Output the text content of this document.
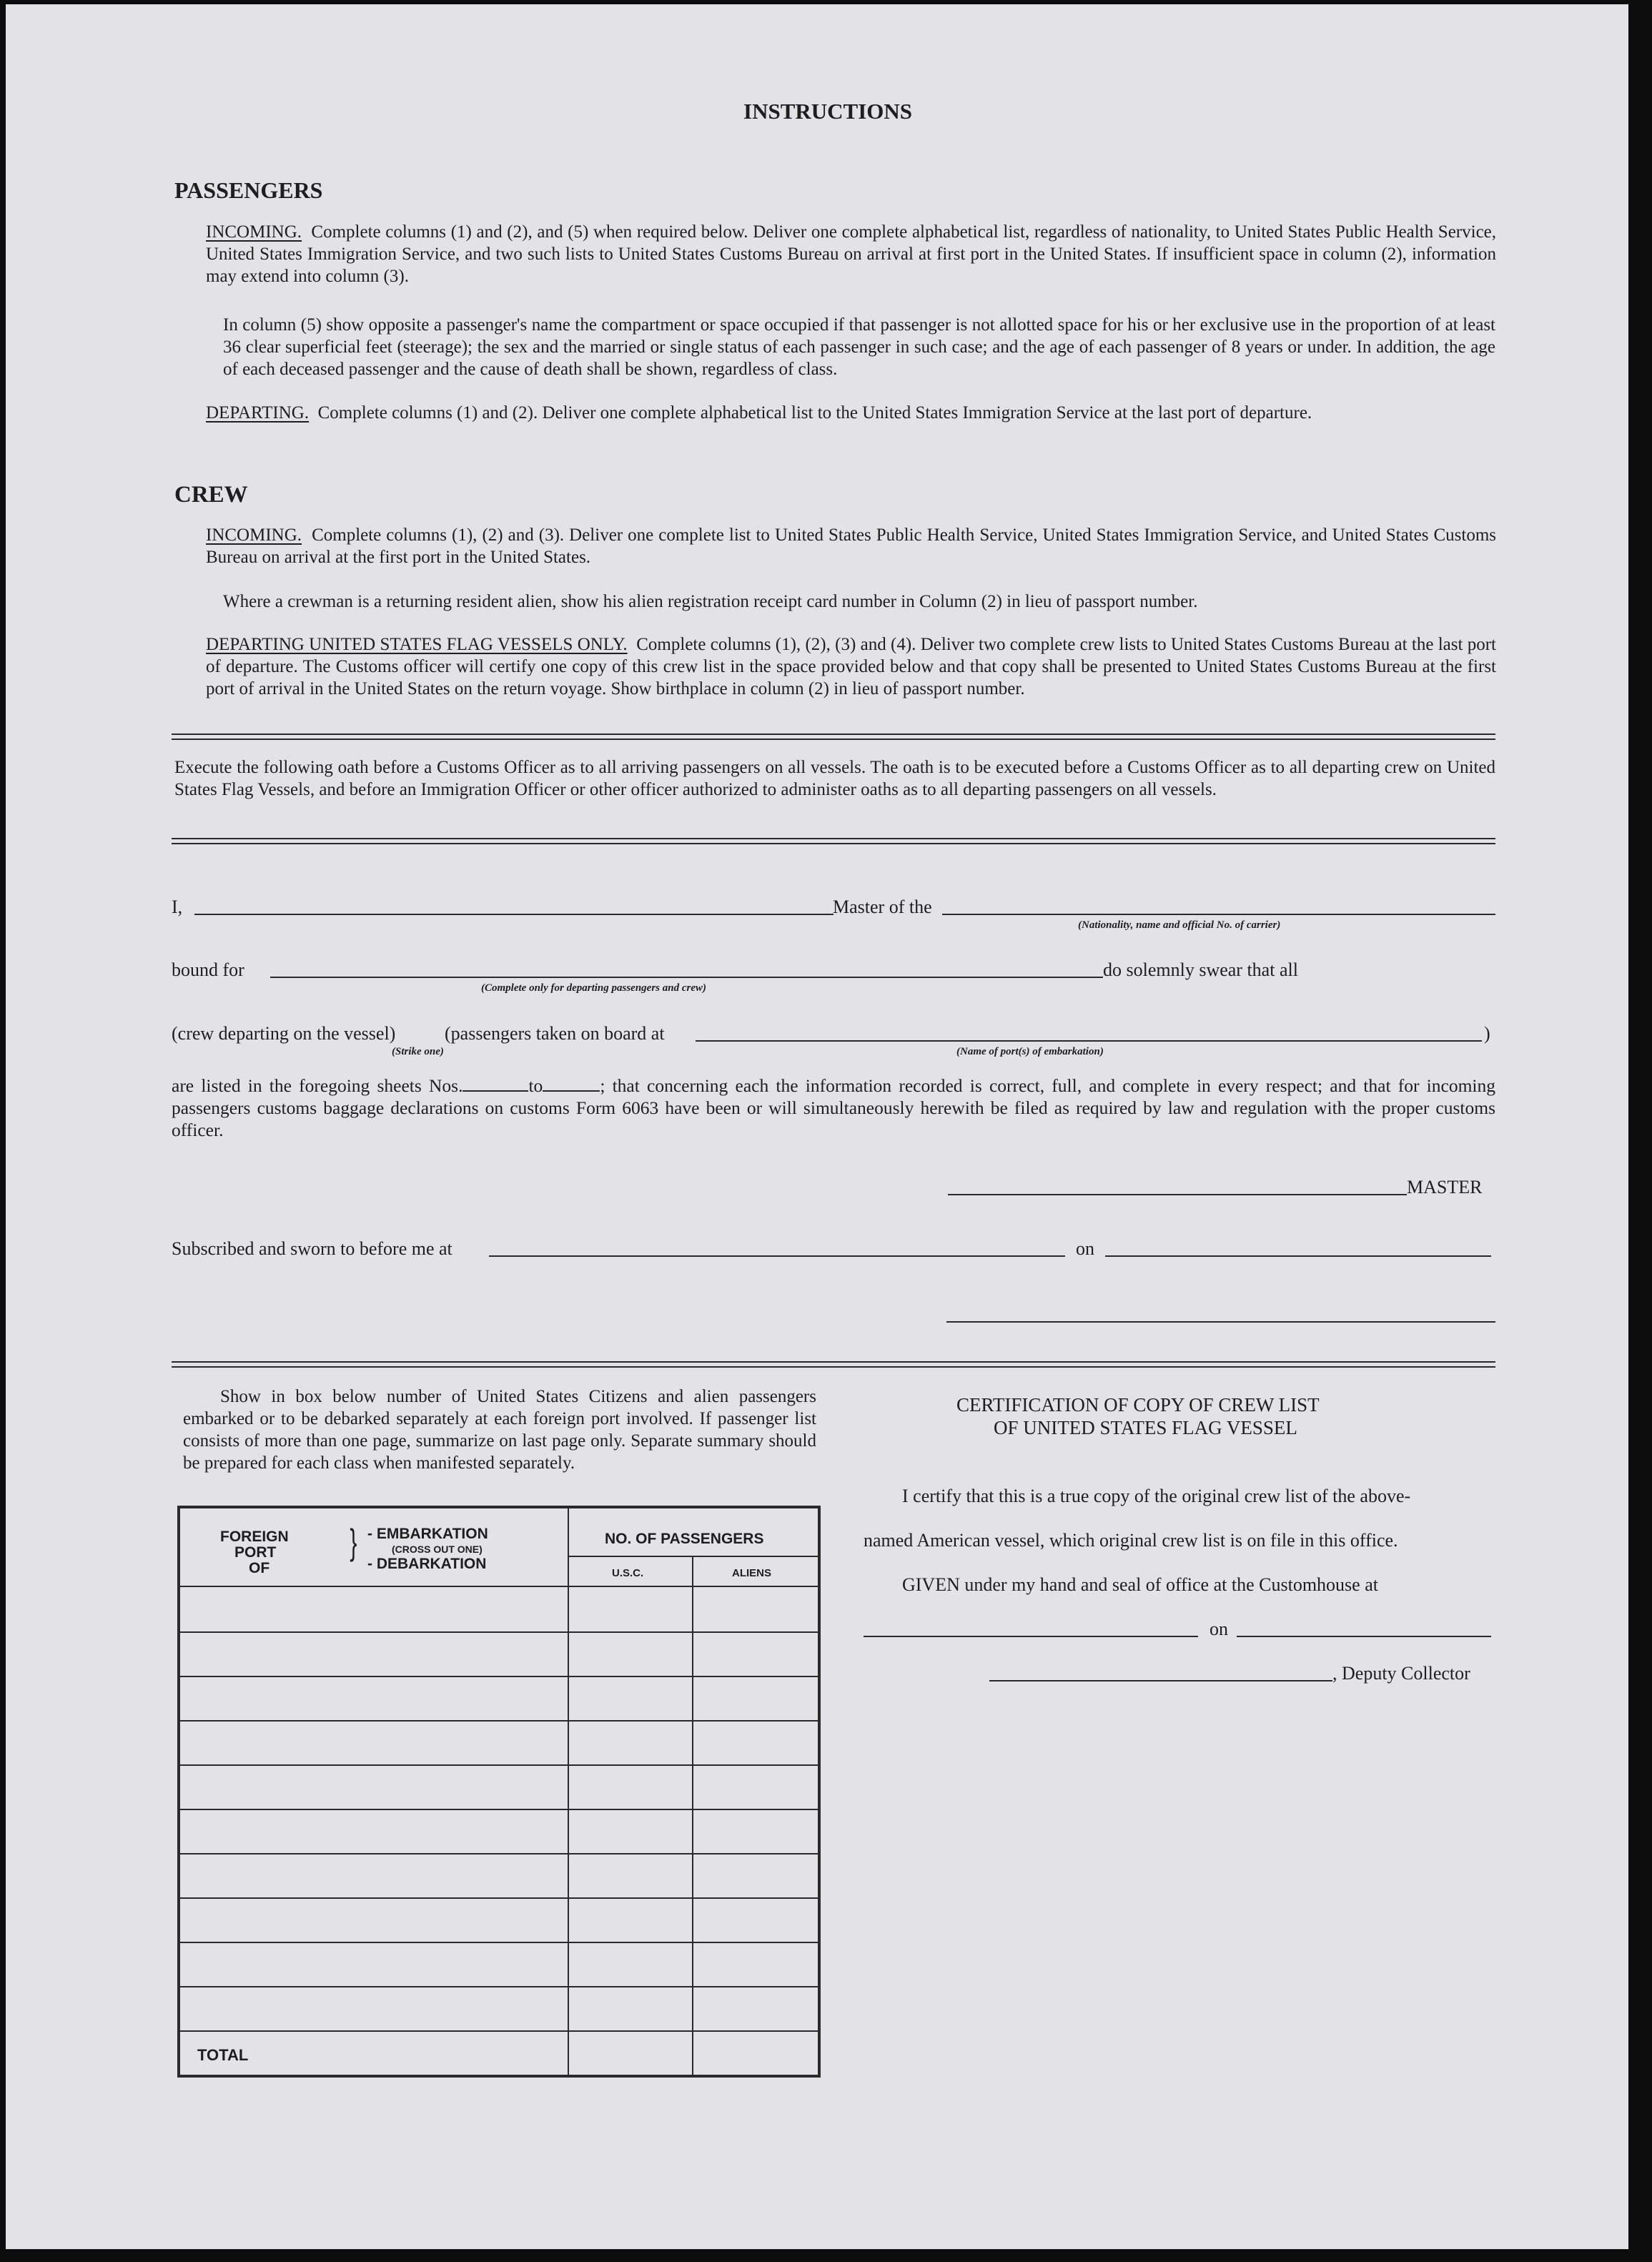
INSTRUCTIONS
PASSENGERS
INCOMING. Complete columns (1) and (2), and (5) when required below. Deliver one complete alphabetical list, regardless of nationality, to United States Public Health Service, United States Immigration Service, and two such lists to United States Customs Bureau on arrival at first port in the United States. If insufficient space in column (2), information may extend into column (3).
In column (5) show opposite a passenger's name the compartment or space occupied if that passenger is not allotted space for his or her exclusive use in the proportion of at least 36 clear superficial feet (steerage); the sex and the married or single status of each passenger in such case; and the age of each passenger of 8 years or under. In addition, the age of each deceased passenger and the cause of death shall be shown, regardless of class.
DEPARTING. Complete columns (1) and (2). Deliver one complete alphabetical list to the United States Immigration Service at the last port of departure.
CREW
INCOMING. Complete columns (1), (2) and (3). Deliver one complete list to United States Public Health Service, United States Immigration Service, and United States Customs Bureau on arrival at the first port in the United States.
Where a crewman is a returning resident alien, show his alien registration receipt card number in Column (2) in lieu of passport number.
DEPARTING UNITED STATES FLAG VESSELS ONLY. Complete columns (1), (2), (3) and (4). Deliver two complete crew lists to United States Customs Bureau at the last port of departure. The Customs officer will certify one copy of this crew list in the space provided below and that copy shall be presented to United States Customs Bureau at the first port of arrival in the United States on the return voyage. Show birthplace in column (2) in lieu of passport number.
Execute the following oath before a Customs Officer as to all arriving passengers on all vessels. The oath is to be executed before a Customs Officer as to all departing crew on United States Flag Vessels, and before an Immigration Officer or other officer authorized to administer oaths as to all departing passengers on all vessels.
I,	Master of the
(Nationality, name and official No. of carrier)
bound for	do solemnly swear that all
(Complete only for departing passengers and crew)
(crew departing on the vessel)	(passengers taken on board at	)
(Strike one)	(Name of port(s) of embarkation)
are listed in the foregoing sheets Nos.	to	; that concerning each the information recorded is correct, full, and complete in every respect; and that for incoming passengers customs baggage declarations on customs Form 6063 have been or will simultaneously herewith be filed as required by law and regulation with the proper customs officer.
MASTER
Subscribed and sworn to before me at	on
Show in box below number of United States Citizens and alien passengers embarked or to be debarked separately at each foreign port involved. If passenger list consists of more than one page, summarize on last page only. Separate summary should be prepared for each class when manifested separately.
FOREIGN
PORT
OF
} - EMBARKATION
(CROSS OUT ONE)
- DEBARKATION
NO. OF PASSENGERS
U.S.C.	ALIENS
TOTAL
CERTIFICATION OF COPY OF CREW LIST
OF UNITED STATES FLAG VESSEL
I certify that this is a true copy of the original crew list of the above-
named American vessel, which original crew list is on file in this office.
GIVEN under my hand and seal of office at the Customhouse at
on
, Deputy Collector
